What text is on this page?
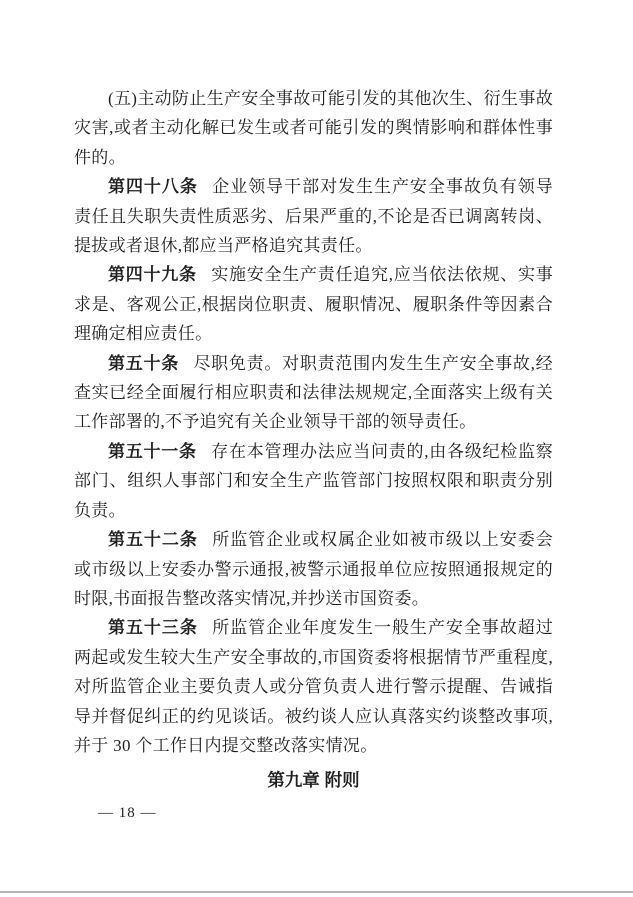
(五)主动防止生产安全事故可能引发的其他次生、衍生事故灾害,或者主动化解已发生或者可能引发的舆情影响和群体性事件的。

第四十八条 企业领导干部对发生生产安全事故负有领导责任且失职失责性质恶劣、后果严重的,不论是否已调离转岗、提拔或者退休,都应当严格追究其责任。

第四十九条 实施安全生产责任追究,应当依法依规、实事求是、客观公正,根据岗位职责、履职情况、履职条件等因素合理确定相应责任。

第五十条 尽职免责。对职责范围内发生生产安全事故,经查实已经全面履行相应职责和法律法规规定,全面落实上级有关工作部署的,不予追究有关企业领导干部的领导责任。

第五十一条 存在本管理办法应当问责的,由各级纪检监察部门、组织人事部门和安全生产监管部门按照权限和职责分别负责。

第五十二条 所监管企业或权属企业如被市级以上安委会或市级以上安委办警示通报,被警示通报单位应按照通报规定的时限,书面报告整改落实情况,并抄送市国资委。

第五十三条 所监管企业年度发生一般生产安全事故超过两起或发生较大生产安全事故的,市国资委将根据情节严重程度,对所监管企业主要负责人或分管负责人进行警示提醒、告诫指导并督促纠正的约见谈话。被约谈人应认真落实约谈整改事项,并于 30 个工作日内提交整改落实情况。

第九章 附则

— 18 —
